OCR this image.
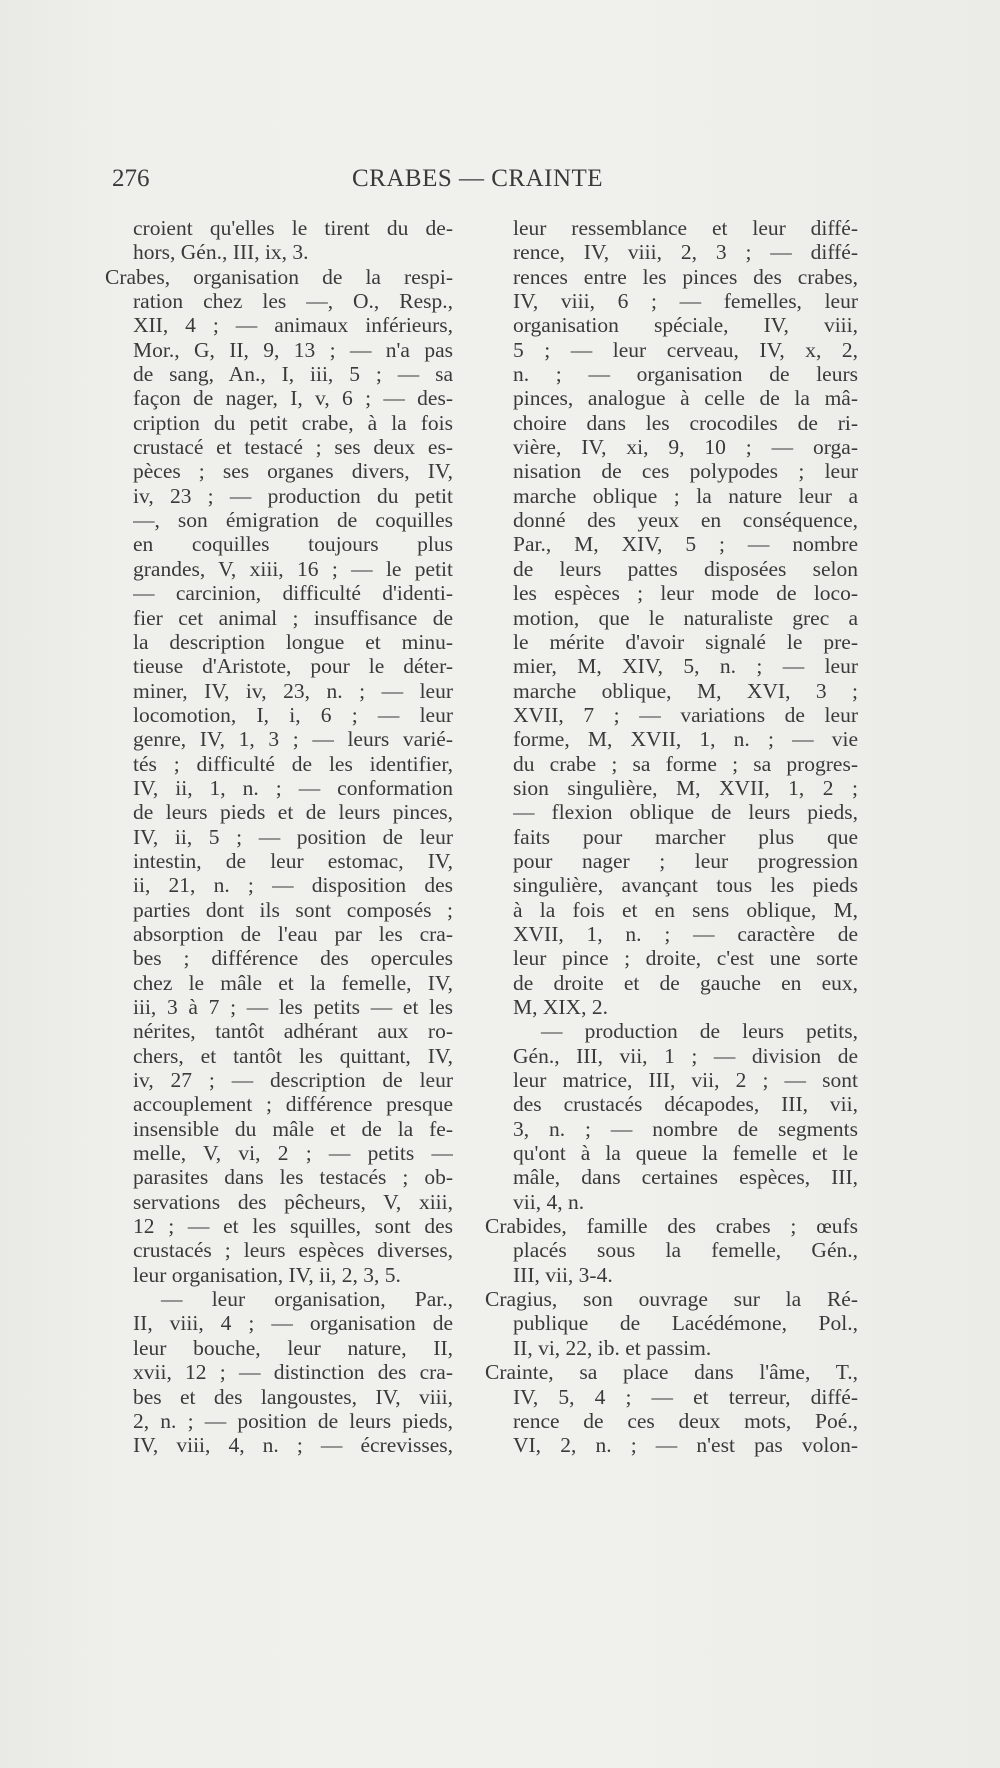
276	CRABES — CRAINTE
croient qu'elles le tirent du de-
hors, Gén., III, ix, 3.
Crabes, organisation de la respi-
ration chez les —, O., Resp.,
XII, 4 ; — animaux inférieurs,
Mor., G, II, 9, 13 ; — n'a pas
de sang, An., I, iii, 5 ; — sa
façon de nager, I, v, 6 ; — des-
cription du petit crabe, à la fois
crustacé et testacé ; ses deux es-
pèces ; ses organes divers, IV,
iv, 23 ; — production du petit
—, son émigration de coquilles
en coquilles toujours plus
grandes, V, xiii, 16 ; — le petit
— carcinion, difficulté d'identi-
fier cet animal ; insuffisance de
la description longue et minu-
tieuse d'Aristote, pour le déter-
miner, IV, iv, 23, n. ; — leur
locomotion, I, i, 6 ; — leur
genre, IV, 1, 3 ; — leurs varié-
tés ; difficulté de les identifier,
IV, ii, 1, n. ; — conformation
de leurs pieds et de leurs pinces,
IV, ii, 5 ; — position de leur
intestin, de leur estomac, IV,
ii, 21, n. ; — disposition des
parties dont ils sont composés ;
absorption de l'eau par les cra-
bes ; différence des opercules
chez le mâle et la femelle, IV,
iii, 3 à 7 ; — les petits — et les
nérites, tantôt adhérant aux ro-
chers, et tantôt les quittant, IV,
iv, 27 ; — description de leur
accouplement ; différence presque
insensible du mâle et de la fe-
melle, V, vi, 2 ; — petits —
parasites dans les testacés ; ob-
servations des pêcheurs, V, xiii,
12 ; — et les squilles, sont des
crustacés ; leurs espèces diverses,
leur organisation, IV, ii, 2, 3, 5.
— leur organisation, Par.,
II, viii, 4 ; — organisation de
leur bouche, leur nature, II,
xvii, 12 ; — distinction des cra-
bes et des langoustes, IV, viii,
2, n. ; — position de leurs pieds,
IV, viii, 4, n. ; — écrevisses,
leur ressemblance et leur diffé-
rence, IV, viii, 2, 3 ; — diffé-
rences entre les pinces des crabes,
IV, viii, 6 ; — femelles, leur
organisation spéciale, IV, viii,
5 ; — leur cerveau, IV, x, 2,
n. ; — organisation de leurs
pinces, analogue à celle de la mâ-
choire dans les crocodiles de ri-
vière, IV, xi, 9, 10 ; — orga-
nisation de ces polypodes ; leur
marche oblique ; la nature leur a
donné des yeux en conséquence,
Par., M, XIV, 5 ; — nombre
de leurs pattes disposées selon
les espèces ; leur mode de loco-
motion, que le naturaliste grec a
le mérite d'avoir signalé le pre-
mier, M, XIV, 5, n. ; — leur
marche oblique, M, XVI, 3 ;
XVII, 7 ; — variations de leur
forme, M, XVII, 1, n. ; — vie
du crabe ; sa forme ; sa progres-
sion singulière, M, XVII, 1, 2 ;
— flexion oblique de leurs pieds,
faits pour marcher plus que
pour nager ; leur progression
singulière, avançant tous les pieds
à la fois et en sens oblique, M,
XVII, 1, n. ; — caractère de
leur pince ; droite, c'est une sorte
de droite et de gauche en eux,
M, XIX, 2.
— production de leurs petits,
Gén., III, vii, 1 ; — division de
leur matrice, III, vii, 2 ; — sont
des crustacés décapodes, III, vii,
3, n. ; — nombre de segments
qu'ont à la queue la femelle et le
mâle, dans certaines espèces, III,
vii, 4, n.
Crabides, famille des crabes ; œufs
placés sous la femelle, Gén.,
III, vii, 3-4.
Cragius, son ouvrage sur la Ré-
publique de Lacédémone, Pol.,
II, vi, 22, ib. et passim.
Crainte, sa place dans l'âme, T.,
IV, 5, 4 ; — et terreur, diffé-
rence de ces deux mots, Poé.,
VI, 2, n. ; — n'est pas volon-
